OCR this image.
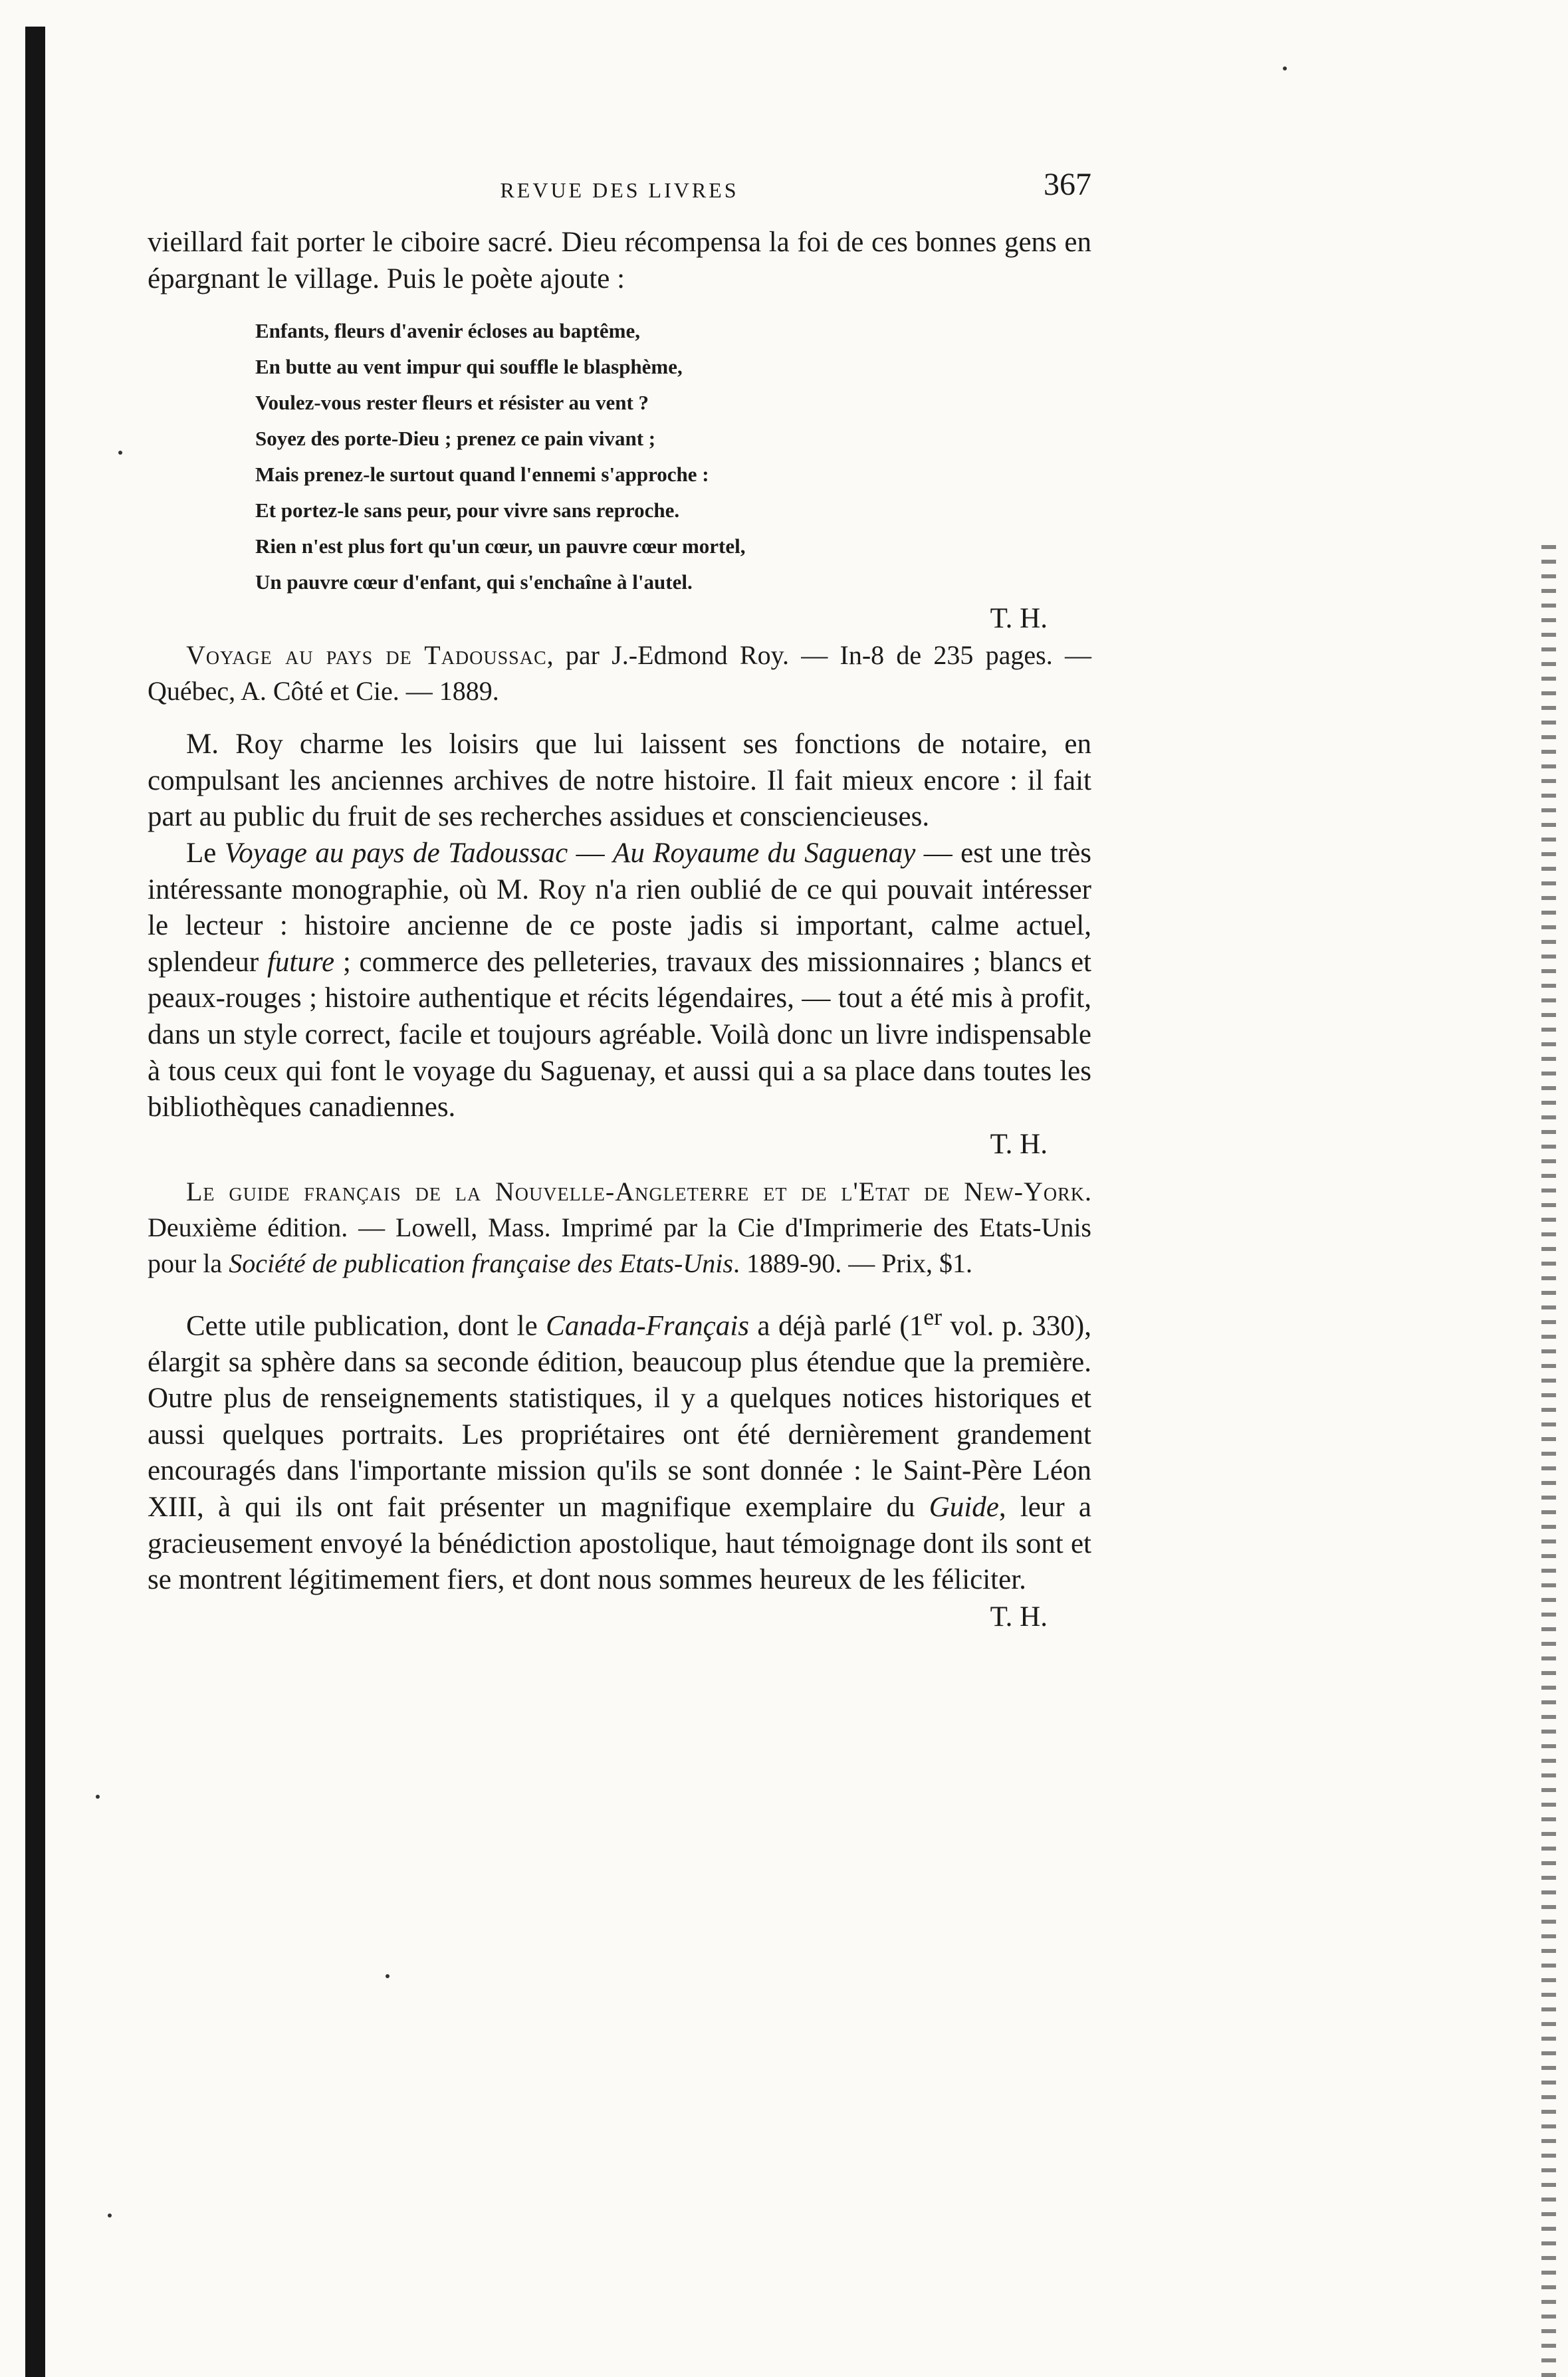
REVUE DES LIVRES	367

vieillard fait porter le ciboire sacré. Dieu récompensa la foi de ces bonnes gens en épargnant le village. Puis le poète ajoute :

Enfants, fleurs d'avenir écloses au baptême,
En butte au vent impur qui souffle le blasphème,
Voulez-vous rester fleurs et résister au vent ?
Soyez des porte-Dieu ; prenez ce pain vivant ;
Mais prenez-le surtout quand l'ennemi s'approche :
Et portez-le sans peur, pour vivre sans reproche.
Rien n'est plus fort qu'un cœur, un pauvre cœur mortel,
Un pauvre cœur d'enfant, qui s'enchaîne à l'autel.
T. H.

Voyage au pays de Tadoussac, par J.-Edmond Roy. — In-8 de 235 pages. — Québec, A. Côté et Cie. — 1889.

M. Roy charme les loisirs que lui laissent ses fonctions de notaire, en compulsant les anciennes archives de notre histoire. Il fait mieux encore : il fait part au public du fruit de ses recherches assidues et consciencieuses.

Le Voyage au pays de Tadoussac — Au Royaume du Saguenay — est une très intéressante monographie, où M. Roy n'a rien oublié de ce qui pouvait intéresser le lecteur : histoire ancienne de ce poste jadis si important, calme actuel, splendeur future ; commerce des pelleteries, travaux des missionnaires ; blancs et peaux-rouges ; histoire authentique et récits légendaires, — tout a été mis à profit, dans un style correct, facile et toujours agréable. Voilà donc un livre indispensable à tous ceux qui font le voyage du Saguenay, et aussi qui a sa place dans toutes les bibliothèques canadiennes.

T. H.

Le guide français de la Nouvelle-Angleterre et de l'Etat de New-York. Deuxième édition. — Lowell, Mass. Imprimé par la Cie d'Imprimerie des Etats-Unis pour la Société de publication française des Etats-Unis. 1889-90. — Prix, $1.

Cette utile publication, dont le Canada-Français a déjà parlé (1er vol. p. 330), élargit sa sphère dans sa seconde édition, beaucoup plus étendue que la première. Outre plus de renseignements statistiques, il y a quelques notices historiques et aussi quelques portraits. Les propriétaires ont été dernièrement grandement encouragés dans l'importante mission qu'ils se sont donnée : le Saint-Père Léon XIII, à qui ils ont fait présenter un magnifique exemplaire du Guide, leur a gracieusement envoyé la bénédiction apostolique, haut témoignage dont ils sont et se montrent légitimement fiers, et dont nous sommes heureux de les féliciter.

T. H.
